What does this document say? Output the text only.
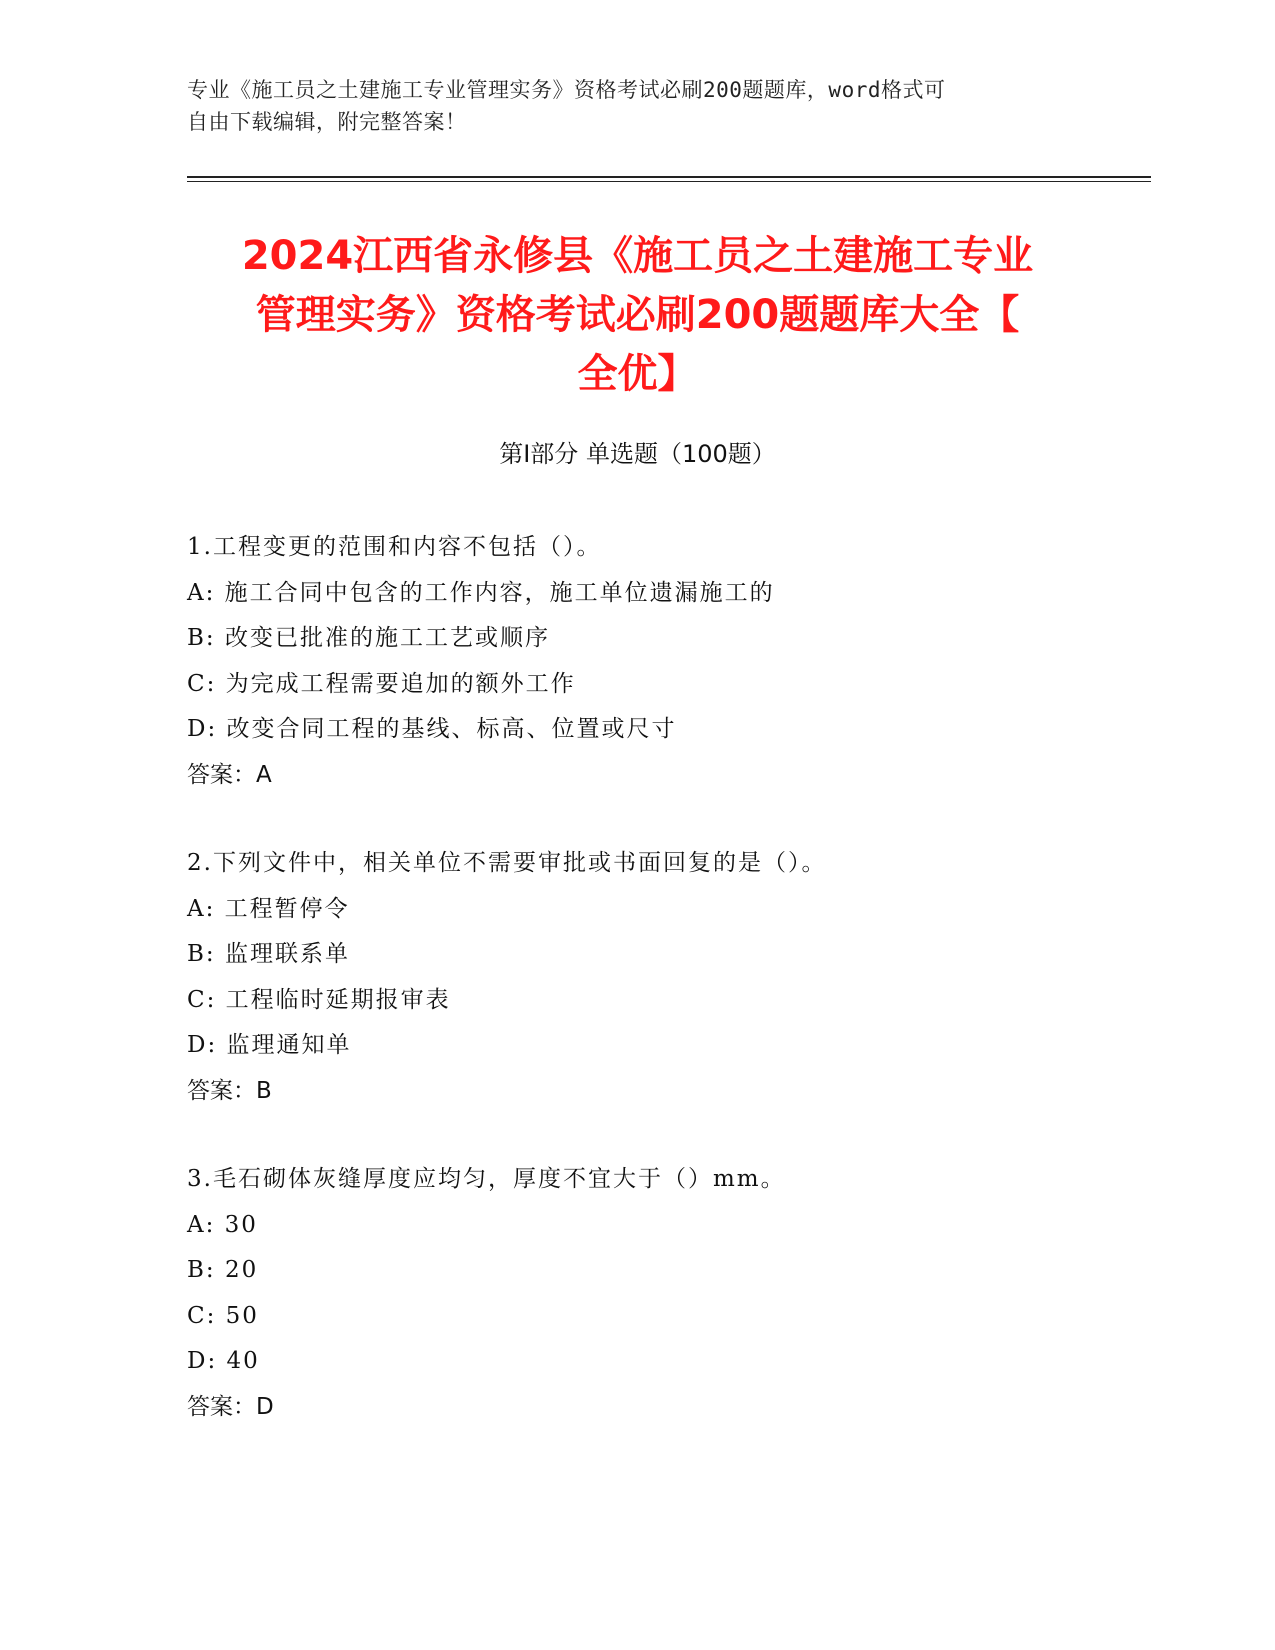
专业《施工员之土建施工专业管理实务》资格考试必刷200题题库，word格式可
自由下载编辑，附完整答案！
2024江西省永修县《施工员之土建施工专业
管理实务》资格考试必刷200题题库大全【
全优】
第I部分 单选题（100题）
1.工程变更的范围和内容不包括（）。
A: 施工合同中包含的工作内容，施工单位遗漏施工的
B: 改变已批准的施工工艺或顺序
C: 为完成工程需要追加的额外工作
D: 改变合同工程的基线、标高、位置或尺寸
答案：A
2.下列文件中，相关单位不需要审批或书面回复的是（）。
A: 工程暂停令
B: 监理联系单
C: 工程临时延期报审表
D: 监理通知单
答案：B
3.毛石砌体灰缝厚度应均匀，厚度不宜大于（）mm。
A: 30
B: 20
C: 50
D: 40
答案：D
